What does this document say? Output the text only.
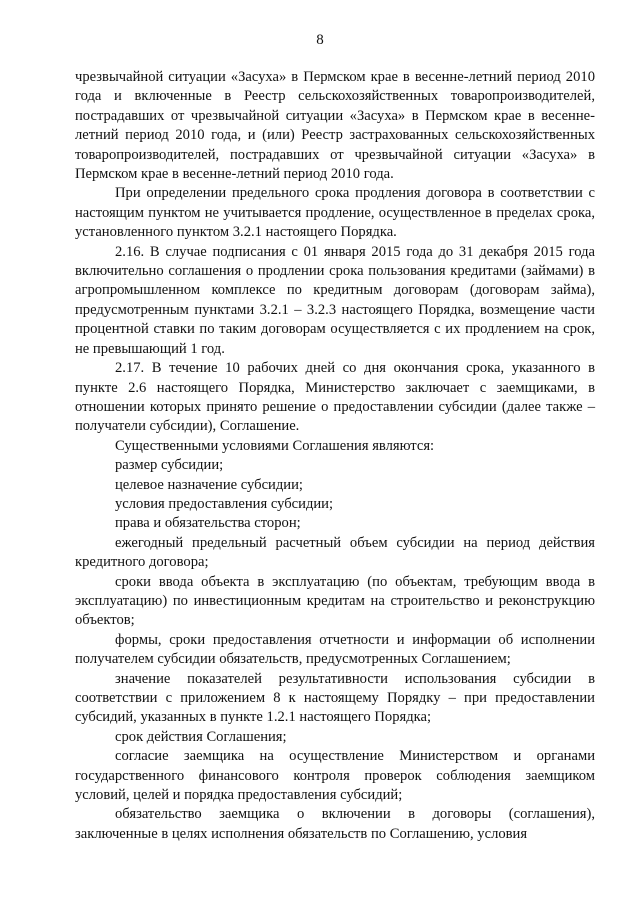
8

чрезвычайной ситуации «Засуха» в Пермском крае в весенне-летний период 2010 года и включенные в Реестр сельскохозяйственных товаропроизводителей, пострадавших от чрезвычайной ситуации «Засуха» в Пермском крае в весенне-летний период 2010 года, и (или) Реестр застрахованных сельскохозяйственных товаропроизводителей, пострадавших от чрезвычайной ситуации «Засуха» в Пермском крае в весенне-летний период 2010 года.

При определении предельного срока продления договора в соответствии с настоящим пунктом не учитывается продление, осуществленное в пределах срока, установленного пунктом 3.2.1 настоящего Порядка.

2.16. В случае подписания с 01 января 2015 года до 31 декабря 2015 года включительно соглашения о продлении срока пользования кредитами (займами) в агропромышленном комплексе по кредитным договорам (договорам займа), предусмотренным пунктами 3.2.1 – 3.2.3 настоящего Порядка, возмещение части процентной ставки по таким договорам осуществляется с их продлением на срок, не превышающий 1 год.

2.17. В течение 10 рабочих дней со дня окончания срока, указанного в пункте 2.6 настоящего Порядка, Министерство заключает с заемщиками, в отношении которых принято решение о предоставлении субсидии (далее также – получатели субсидии), Соглашение.

Существенными условиями Соглашения являются:

размер субсидии;

целевое назначение субсидии;

условия предоставления субсидии;

права и обязательства сторон;

ежегодный предельный расчетный объем субсидии на период действия кредитного договора;

сроки ввода объекта в эксплуатацию (по объектам, требующим ввода в эксплуатацию) по инвестиционным кредитам на строительство и реконструкцию объектов;

формы, сроки предоставления отчетности и информации об исполнении получателем субсидии обязательств, предусмотренных Соглашением;

значение показателей результативности использования субсидии в соответствии с приложением 8 к настоящему Порядку – при предоставлении субсидий, указанных в пункте 1.2.1 настоящего Порядка;

срок действия Соглашения;

согласие заемщика на осуществление Министерством и органами государственного финансового контроля проверок соблюдения заемщиком условий, целей и порядка предоставления субсидий;

обязательство заемщика о включении в договоры (соглашения), заключенные в целях исполнения обязательств по Соглашению, условия
